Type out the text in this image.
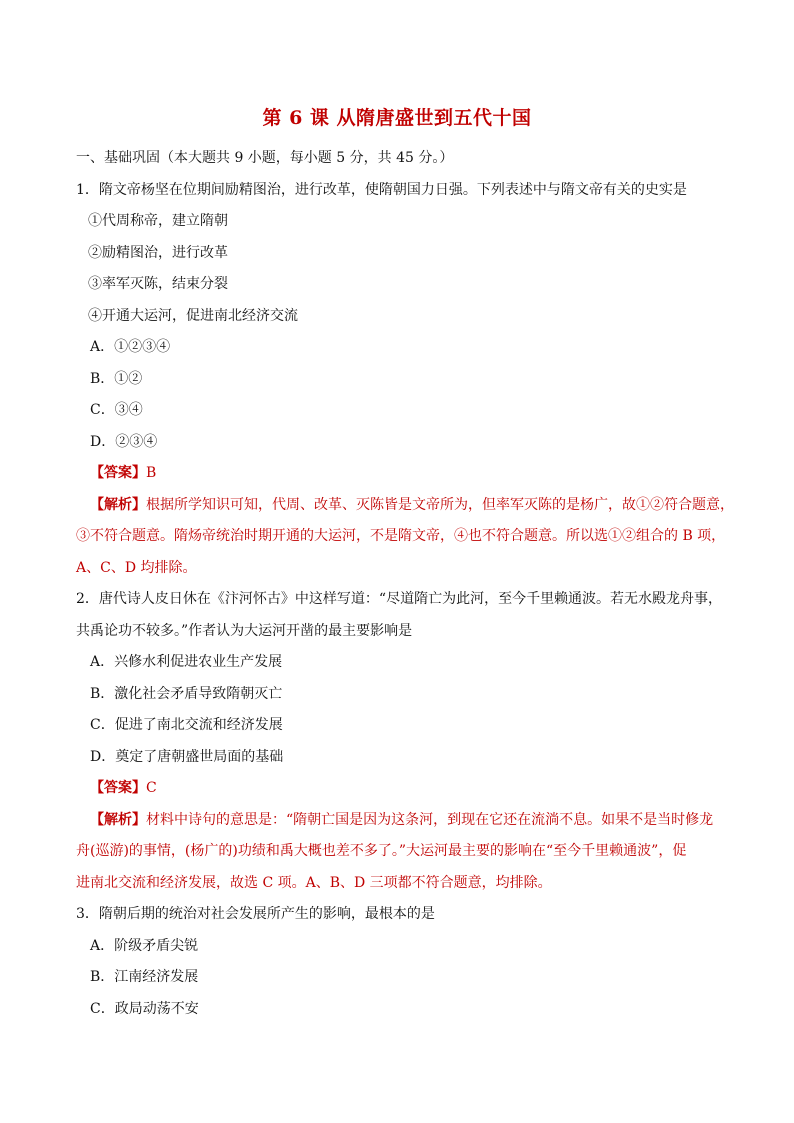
第 6 课 从隋唐盛世到五代十国
一、基础巩固（本大题共 9 小题，每小题 5 分，共 45 分。）
1．隋文帝杨坚在位期间励精图治，进行改革，使隋朝国力日强。下列表述中与隋文帝有关的史实是
①代周称帝，建立隋朝
②励精图治，进行改革
③率军灭陈，结束分裂
④开通大运河，促进南北经济交流
A．①②③④
B．①②
C．③④
D．②③④
【答案】B
【解析】根据所学知识可知，代周、改革、灭陈皆是文帝所为，但率军灭陈的是杨广，故①②符合题意，
③不符合题意。隋炀帝统治时期开通的大运河，不是隋文帝，④也不符合题意。所以选①②组合的 B 项，
A、C、D 均排除。
2．唐代诗人皮日休在《汴河怀古》中这样写道：“尽道隋亡为此河，至今千里赖通波。若无水殿龙舟事，
共禹论功不较多。”作者认为大运河开凿的最主要影响是
A．兴修水利促进农业生产发展
B．激化社会矛盾导致隋朝灭亡
C．促进了南北交流和经济发展
D．奠定了唐朝盛世局面的基础
【答案】C
【解析】材料中诗句的意思是：“隋朝亡国是因为这条河，到现在它还在流淌不息。如果不是当时修龙
舟(巡游)的事情，(杨广的)功绩和禹大概也差不多了。”大运河最主要的影响在“至今千里赖通波”，促
进南北交流和经济发展，故选 C 项。A、B、D 三项都不符合题意，均排除。
3．隋朝后期的统治对社会发展所产生的影响，最根本的是
A．阶级矛盾尖锐
B．江南经济发展
C．政局动荡不安
